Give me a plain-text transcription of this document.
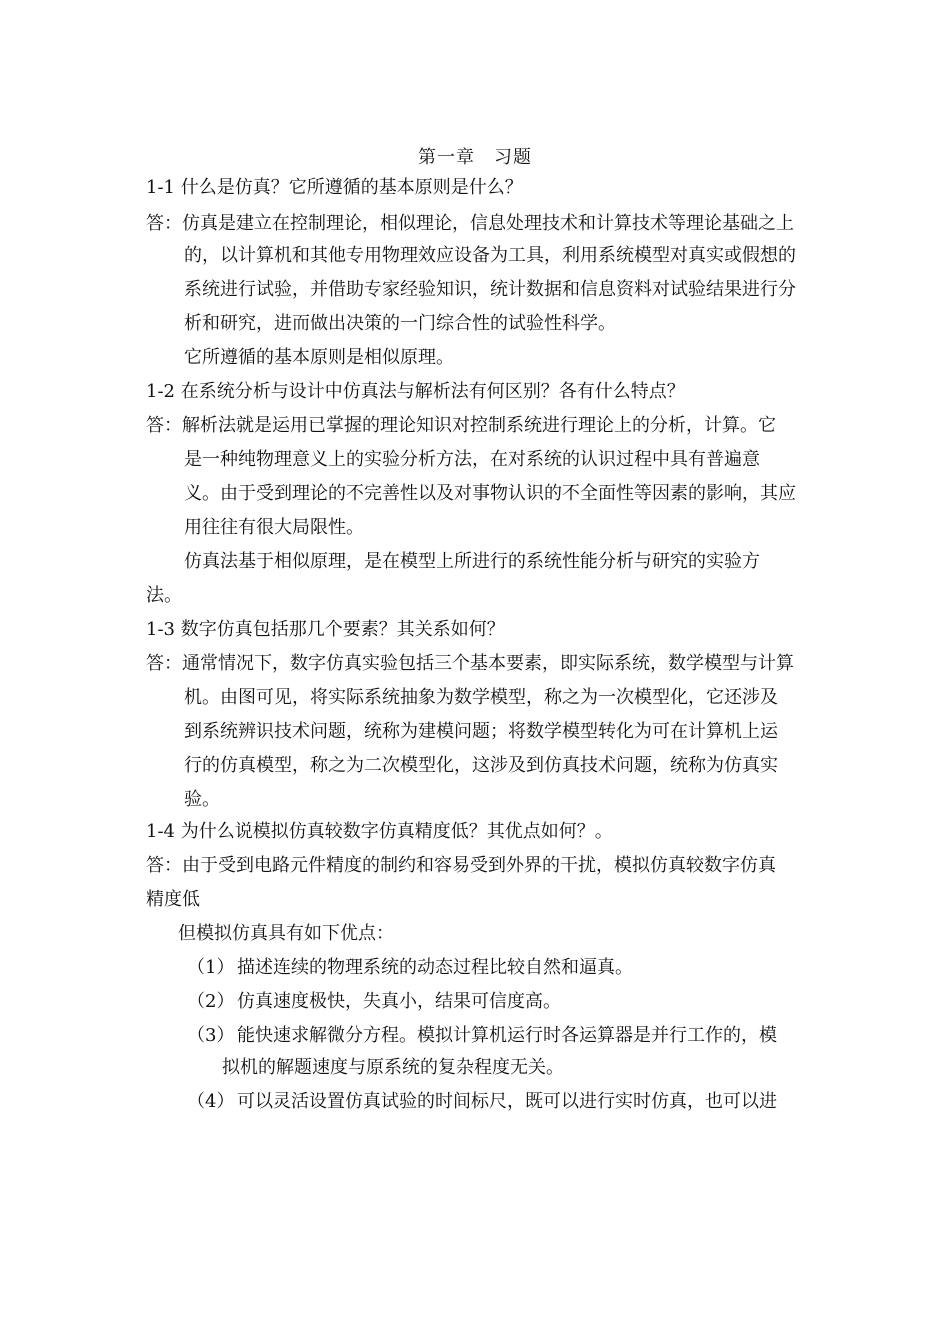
第一章　习题
1-1 什么是仿真？它所遵循的基本原则是什么？
答：仿真是建立在控制理论，相似理论，信息处理技术和计算技术等理论基础之上
的，以计算机和其他专用物理效应设备为工具，利用系统模型对真实或假想的
系统进行试验，并借助专家经验知识，统计数据和信息资料对试验结果进行分
析和研究，进而做出决策的一门综合性的试验性科学。
它所遵循的基本原则是相似原理。
1-2 在系统分析与设计中仿真法与解析法有何区别？各有什么特点？
答：解析法就是运用已掌握的理论知识对控制系统进行理论上的分析，计算。它
是一种纯物理意义上的实验分析方法，在对系统的认识过程中具有普遍意
义。由于受到理论的不完善性以及对事物认识的不全面性等因素的影响，其应
用往往有很大局限性。
仿真法基于相似原理，是在模型上所进行的系统性能分析与研究的实验方
法。
1-3 数字仿真包括那几个要素？其关系如何？
答：通常情况下，数字仿真实验包括三个基本要素，即实际系统，数学模型与计算
机。由图可见，将实际系统抽象为数学模型，称之为一次模型化，它还涉及
到系统辨识技术问题，统称为建模问题；将数学模型转化为可在计算机上运
行的仿真模型，称之为二次模型化，这涉及到仿真技术问题，统称为仿真实
验。
1-4 为什么说模拟仿真较数字仿真精度低？其优点如何？。
答：由于受到电路元件精度的制约和容易受到外界的干扰，模拟仿真较数字仿真
精度低
但模拟仿真具有如下优点：
（1） 描述连续的物理系统的动态过程比较自然和逼真。
（2） 仿真速度极快，失真小，结果可信度高。
（3） 能快速求解微分方程。模拟计算机运行时各运算器是并行工作的，模
拟机的解题速度与原系统的复杂程度无关。
（4） 可以灵活设置仿真试验的时间标尺，既可以进行实时仿真，也可以进
